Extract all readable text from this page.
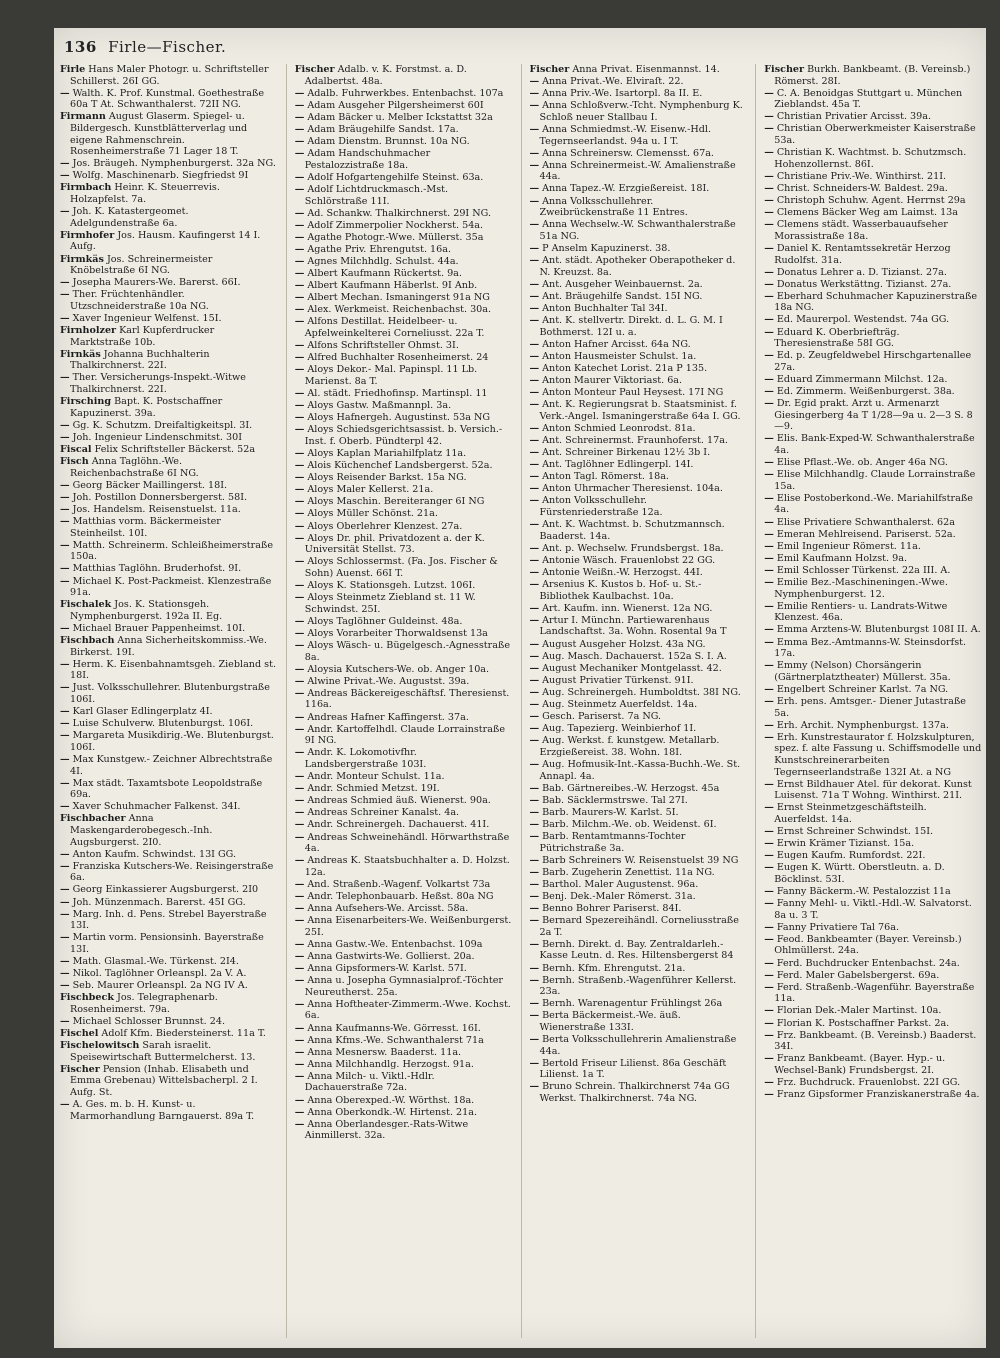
136 Firle—Fischer.
Firle Hans Maler Photogr. u. Schriftsteller Schillerst. 26I GG.
— Walth. K. Prof. Kunstmal. Goethestraße 60a T At. Schwanthalerst. 72II NG.
Firmann August Glaserm. Spiegel- u. Bildergesch. Kunstblätterverlag und eigene Rahmenschrein. Rosenheimerstraße 71 Lager 18 T.
— Jos. Bräugeh. Nymphenburgerst. 32a NG.
— Wolfg. Maschinenarb. Siegfriedst 9I
Firmbach Heinr. K. Steuerrevis. Holzapfelst. 7a.
— Joh. K. Katastergeomet. Adelgundenstraße 6a.
Firmhofer Jos. Hausm. Kaufingerst 14 I. Aufg.
Firmkäs Jos. Schreinermeister Knöbelstraße 6I NG.
— Josepha Maurers-We. Barerst. 66I.
— Ther. Früchtenhändler. Utzschneiderstraße 10a NG.
— Xaver Ingenieur Welfenst. 15I.
Firnholzer Karl Kupferdrucker Marktstraße 10b.
Firnkäs Johanna Buchhalterin Thalkirchnerst. 22I.
— Ther. Versicherungs-Inspekt.-Witwe Thalkirchnerst. 22I.
Firsching Bapt. K. Postschaffner Kapuzinerst. 39a.
— Gg. K. Schutzm. Dreifaltigkeitspl. 3I.
— Joh. Ingenieur Lindenschmitst. 30I
Fiscal Felix Schriftsteller Bäckerst. 52a
Fisch Anna Taglöhn.-We. Reichenbachstraße 6I NG.
— Georg Bäcker Maillingerst. 18I.
— Joh. Postillon Donnersbergerst. 58I.
— Jos. Handelsm. Reisenstuelst. 11a.
— Matthias vorm. Bäckermeister Steinheilst. 10I.
— Matth. Schreinerm. Schleißheimerstraße 150a.
— Matthias Taglöhn. Bruderhofst. 9I.
— Michael K. Post-Packmeist. Klenzestraße 91a.
Fischalek Jos. K. Stationsgeh. Nymphenburgerst. 192a II. Eg.
— Michael Brauer Pappenheimst. 10I.
Fischbach Anna Sicherheitskommiss.-We. Birkerst. 19I.
— Herm. K. Eisenbahnamtsgeh. Ziebland st. 18I.
— Just. Volksschullehrer. Blutenburgstraße 106I.
— Karl Glaser Edlingerplatz 4I.
— Luise Schulverw. Blutenburgst. 106I.
— Margareta Musikdirig.-We. Blutenburgst. 106I.
— Max Kunstgew.- Zeichner Albrechtstraße 4I.
— Max städt. Taxamtsbote Leopoldstraße 69a.
— Xaver Schuhmacher Falkenst. 34I.
Fischbacher Anna Maskengarderobegesch.-Inh. Augsburgerst. 2I0.
— Anton Kaufm. Schwindst. 13I GG.
— Franziska Kutschers-We. Reisingerstraße 6a.
— Georg Einkassierer Augsburgerst. 2I0
— Joh. Münzenmach. Barerst. 45I GG.
— Marg. Inh. d. Pens. Strebel Bayerstraße 13I.
— Martin vorm. Pensionsinh. Bayerstraße 13I.
— Math. Glasmal.-We. Türkenst. 2I4.
— Nikol. Taglöhner Orleanspl. 2a V. A.
— Seb. Maurer Orleanspl. 2a NG IV A.
Fischbeck Jos. Telegraphenarb. Rosenheimerst. 79a.
— Michael Schlosser Brunnst. 24.
Fischel Adolf Kfm. Biedersteinerst. 11a T.
Fischelowitsch Sarah israelit. Speisewirtschaft Buttermelcherst. 13.
Fischer Pension (Inhab. Elisabeth und Emma Grebenau) Wittelsbacherpl. 2 I. Aufg. St.
— A. Ges. m. b. H. Kunst- u. Marmorhandlung Barngauerst. 89a T.
Fischer Adalb. v. K. Forstmst. a. D. Adalbertst. 48a.
— Adalb. Fuhrwerkbes. Entenbachst. 107a
— Adam Ausgeher Pilgersheimerst 60I
— Adam Bäcker u. Melber Ickstattst 32a
— Adam Bräugehilfe Sandst. 17a.
— Adam Dienstm. Brunnst. 10a NG.
— Adam Handschuhmacher Pestalozzistraße 18a.
— Adolf Hofgartengehilfe Steinst. 63a.
— Adolf Lichtdruckmasch.-Mst. Schlörstraße 11I.
— Ad. Schankw. Thalkirchnerst. 29I NG.
— Adolf Zimmerpolier Nockherst. 54a.
— Agathe Photogr.-Wwe. Müllerst. 35a
— Agathe Priv. Ehrengutst. 16a.
— Agnes Milchhdlg. Schulst. 44a.
— Albert Kaufmann Rückertst. 9a.
— Albert Kaufmann Häberlst. 9I Anb.
— Albert Mechan. Ismaningerst 91a NG
— Alex. Werkmeist. Reichenbachst. 30a.
— Alfons Destillat. Heidelbeer- u. Apfelweinkelterei Corneliusst. 22a T.
— Alfons Schriftsteller Ohmst. 3I.
— Alfred Buchhalter Rosenheimerst. 24
— Aloys Dekor.- Mal. Papinspl. 11 Lb. Marienst. 8a T.
— Al. städt. Friedhofinsp. Martinspl. 11
— Aloys Gastw. Maßmannpl. 3a.
— Aloys Hafnergeh. Augustinst. 53a NG
— Aloys Schiedsgerichtsassist. b. Versich.-Inst. f. Oberb. Pündterpl 42.
— Aloys Kaplan Mariahilfplatz 11a.
— Alois Küchenchef Landsbergerst. 52a.
— Aloys Reisender Barkst. 15a NG.
— Aloys Maler Kellerst. 21a.
— Aloys Maschin. Bereiteranger 6I NG
— Aloys Müller Schönst. 21a.
— Aloys Oberlehrer Klenzest. 27a.
— Aloys Dr. phil. Privatdozent a. der K. Universität Stellst. 73.
— Aloys Schlossermst. (Fa. Jos. Fischer & Sohn) Auenst. 66I T.
— Aloys K. Stationsgeh. Lutzst. 106I.
— Aloys Steinmetz Ziebland st. 11 W. Schwindst. 25I.
— Aloys Taglöhner Guldeinst. 48a.
— Aloys Vorarbeiter Thorwaldsenst 13a
— Aloys Wäsch- u. Bügelgesch.-Agnesstraße 8a.
— Aloysia Kutschers-We. ob. Anger 10a.
— Alwine Privat.-We. Augustst. 39a.
— Andreas Bäckereigeschäftsf. Theresienst. 116a.
— Andreas Hafner Kaffingerst. 37a.
— Andr. Kartoffelhdl. Claude Lorrainstraße 9I NG.
— Andr. K. Lokomotivfhr. Landsbergerstraße 103I.
— Andr. Monteur Schulst. 11a.
— Andr. Schmied Metzst. 19I.
— Andreas Schmied äuß. Wienerst. 90a.
— Andreas Schreiner Kanalst. 4a.
— Andr. Schreinergeh. Dachauerst. 41I.
— Andreas Schweinehändl. Hörwarthstraße 4a.
— Andreas K. Staatsbuchhalter a. D. Holzst. 12a.
— And. Straßenb.-Wagenf. Volkartst 73a
— Andr. Telephonbauarb. Heßst. 80a NG
— Anna Aufsehers-We. Arcisst. 58a.
— Anna Eisenarbeiters-We. Weißenburgerst. 25I.
— Anna Gastw.-We. Entenbachst. 109a
— Anna Gastwirts-We. Gollierst. 20a.
— Anna Gipsformers-W. Karlst. 57I.
— Anna u. Josepha Gymnasialprof.-Töchter Neureutherst. 25a.
— Anna Hoftheater-Zimmerm.-Wwe. Kochst. 6a.
— Anna Kaufmanns-We. Görresst. 16I.
— Anna Kfms.-We. Schwanthalerst 71a
— Anna Mesnersw. Baaderst. 11a.
— Anna Milchhandlg. Herzogst. 91a.
— Anna Milch- u. Viktl.-Hdlr. Dachauerstraße 72a.
— Anna Oberexped.-W. Wörthst. 18a.
— Anna Oberkondk.-W. Hirtenst. 21a.
— Anna Oberlandesger.-Rats-Witwe Ainmillerst. 32a.
Fischer Anna Privat. Eisenmannst. 14.
— Anna Privat.-We. Elviraſt. 22.
— Anna Priv.-We. Isartorpl. 8a II. E.
— Anna Schloßverw.-Tcht. Nymphenburg K. Schloß neuer Stallbau I.
— Anna Schmiedmst.-W. Eisenw.-Hdl. Tegernseerlandst. 94a u. I T.
— Anna Schreinersw. Clemensst. 67a.
— Anna Schreinermeist.-W. Amalienstraße 44a.
— Anna Tapez.-W. Erzgießereist. 18I.
— Anna Volksschullehrer. Zweibrückenstraße 11 Entres.
— Anna Wechselw.-W. Schwanthalerstraße 51a NG.
— P Anselm Kapuzinerst. 38.
— Ant. städt. Apotheker Oberapotheker d. N. Kreuzst. 8a.
— Ant. Ausgeher Weinbauernst. 2a.
— Ant. Bräugehilfe Sandst. 15I NG.
— Anton Buchhalter Tal 34I.
— Ant. K. stellvertr. Direkt. d. L. G. M. I Bothmerst. 12I u. a.
— Anton Hafner Arcisst. 64a NG.
— Anton Hausmeister Schulst. 1a.
— Anton Katechet Lorist. 21a P 135.
— Anton Maurer Viktoriast. 6a.
— Anton Monteur Paul Heysest. 17I NG
— Ant. K. Regierungsrat b. Staatsminist. f. Verk.-Angel. Ismaningerstraße 64a I. GG.
— Anton Schmied Leonrodst. 81a.
— Ant. Schreinermst. Fraunhoferst. 17a.
— Ant. Schreiner Birkenau 12½ 3b I.
— Ant. Taglöhner Edlingerpl. 14I.
— Anton Tagl. Römerst. 18a.
— Anton Uhrmacher Theresienst. 104a.
— Anton Volksschullehr. Fürstenriederstraße 12a.
— Ant. K. Wachtmst. b. Schutzmannsch. Baaderst. 14a.
— Ant. p. Wechselw. Frundsbergst. 18a.
— Antonie Wäsch. Frauenlobst 22 GG.
— Antonie Weißn.-W. Herzogst. 44I.
— Arsenius K. Kustos b. Hof- u. St.-Bibliothek Kaulbachst. 10a.
— Art. Kaufm. inn. Wienerst. 12a NG.
— Artur I. Münchn. Partiewarenhaus Landschaftst. 3a. Wohn. Rosental 9a T
— August Ausgeher Holzst. 43a NG.
— Aug. Masch. Dachauerst. 152a S. I. A.
— August Mechaniker Montgelasst. 42.
— August Privatier Türkenst. 91I.
— Aug. Schreinergeh. Humboldtst. 38I NG.
— Aug. Steinmetz Auerfeldst. 14a.
— Gesch. Pariserst. 7a NG.
— Aug. Tapezierg. Weinbierhof 1I.
— Aug. Werkst. f. kunstgew. Metallarb. Erzgießereist. 38. Wohn. 18I.
— Aug. Hofmusik-Int.-Kassa-Buchh.-We. St. Annapl. 4a.
— Bab. Gärtnereibes.-W. Herzogst. 45a
— Bab. Säcklermstrswe. Tal 27I.
— Barb. Maurers-W. Karlst. 5I.
— Barb. Milchm.-We. ob. Weidenst. 6I.
— Barb. Rentamtmanns-Tochter Pütrichstraße 3a.
— Barb Schreiners W. Reisenstuelst 39 NG
— Barb. Zugeherin Zenettist. 11a NG.
— Barthol. Maler Augustenst. 96a.
— Benj. Dek.-Maler Römerst. 31a.
— Benno Bohrer Pariserst. 84I.
— Bernard Spezereihändl. Corneliusstraße 2a T.
— Bernh. Direkt. d. Bay. Zentraldarleh.-Kasse Leutn. d. Res. Hiltensbergerst 84
— Bernh. Kfm. Ehrengutst. 21a.
— Bernh. Straßenb.-Wagenführer Kellerst. 23a.
— Bernh. Warenagentur Frühlingst 26a
— Berta Bäckermeist.-We. äuß. Wienerstraße 133I.
— Berta Volksschullehrerin Amalienstraße 44a.
— Bertold Friseur Lilienst. 86a Geschäft Lilienst. 1a T.
— Bruno Schrein. Thalkirchnerst 74a GG Werkst. Thalkirchnerst. 74a NG.
Fischer Burkh. Bankbeamt. (B. Vereinsb.) Römerst. 28I.
— C. A. Benoidgas Stuttgart u. München Zieblandst. 45a T.
— Christian Privatier Arcisst. 39a.
— Christian Oberwerkmeister Kaiserstraße 53a.
— Christian K. Wachtmst. b. Schutzmsch. Hohenzollernst. 86I.
— Christiane Priv.-We. Winthirst. 21I.
— Christ. Schneiders-W. Baldest. 29a.
— Christoph Schuhw. Agent. Herrnst 29a
— Clemens Bäcker Weg am Laimst. 13a
— Clemens städt. Wasserbauaufseher Morassistraße 18a.
— Daniel K. Rentamtssekretär Herzog Rudolfst. 31a.
— Donatus Lehrer a. D. Tizianst. 27a.
— Donatus Werkstättng. Tizianst. 27a.
— Eberhard Schuhmacher Kapuzinerstraße 18a NG.
— Ed. Maurerpol. Westendst. 74a GG.
— Eduard K. Oberbriefträg. Theresienstraße 58I GG.
— Ed. p. Zeugfeldwebel Hirschgartenallee 27a.
— Eduard Zimmermann Milchst. 12a.
— Ed. Zimmerm. Weißenburgerst. 38a.
— Dr. Egid prakt. Arzt u. Armenarzt Giesingerberg 4a T 1/28—9a u. 2—3 S. 8—9.
— Elis. Bank-Exped-W. Schwanthalerstraße 4a.
— Elise Pflast.-We. ob. Anger 46a NG.
— Elise Milchhandlg. Claude Lorrainstraße 15a.
— Elise Postoberkond.-We. Mariahilfstraße 4a.
— Elise Privatiere Schwanthalerst. 62a
— Emeran Mehlreisend. Pariserst. 52a.
— Emil Ingenieur Römerst. 11a.
— Emil Kaufmann Holzst. 9a.
— Emil Schlosser Türkenst. 22a III. A.
— Emilie Bez.-Maschineningen.-Wwe. Nymphenburgerst. 12.
— Emilie Rentiers- u. Landrats-Witwe Klenzest. 46a.
— Emma Arztens-W. Blutenburgst 108I II. A.
— Emma Bez.-Amtmanns-W. Steinsdorfst. 17a.
— Emmy (Nelson) Chorsängerin (Gärtnerplatztheater) Müllerst. 35a.
— Engelbert Schreiner Karlst. 7a NG.
— Erh. pens. Amtsger.- Diener Jutastraße 5a.
— Erh. Archit. Nymphenburgst. 137a.
— Erh. Kunstrestaurator f. Holzskulpturen, spez. f. alte Fassung u. Schiffsmodelle und Kunstschreinerarbeiten Tegernseerlandstraße 132I At. a NG
— Ernst Bildhauer Atel. für dekorat. Kunst Luisenst. 71a T Wohng. Winthirst. 21I.
— Ernst Steinmetzgeschäftsteilh. Auerfeldst. 14a.
— Ernst Schreiner Schwindst. 15I.
— Erwin Krämer Tizianst. 15a.
— Eugen Kaufm. Rumfordst. 22I.
— Eugen K. Württ. Oberstleutn. a. D. Böcklinst. 53I.
— Fanny Bäckerm.-W. Pestalozzist 11a
— Fanny Mehl- u. Viktl.-Hdl.-W. Salvatorst. 8a u. 3 T.
— Fanny Privatiere Tal 76a.
— Feod. Bankbeamter (Bayer. Vereinsb.) Ohlmüllerst. 24a.
— Ferd. Buchdrucker Entenbachst. 24a.
— Ferd. Maler Gabelsbergerst. 69a.
— Ferd. Straßenb.-Wagenführ. Bayerstraße 11a.
— Florian Dek.-Maler Martinst. 10a.
— Florian K. Postschaffner Parkst. 2a.
— Frz. Bankbeamt. (B. Vereinsb.) Baaderst. 34I.
— Franz Bankbeamt. (Bayer. Hyp.- u. Wechsel-Bank) Frundsbergst. 2I.
— Frz. Buchdruck. Frauenlobst. 22I GG.
— Franz Gipsformer Franziskanerstraße 4a.
